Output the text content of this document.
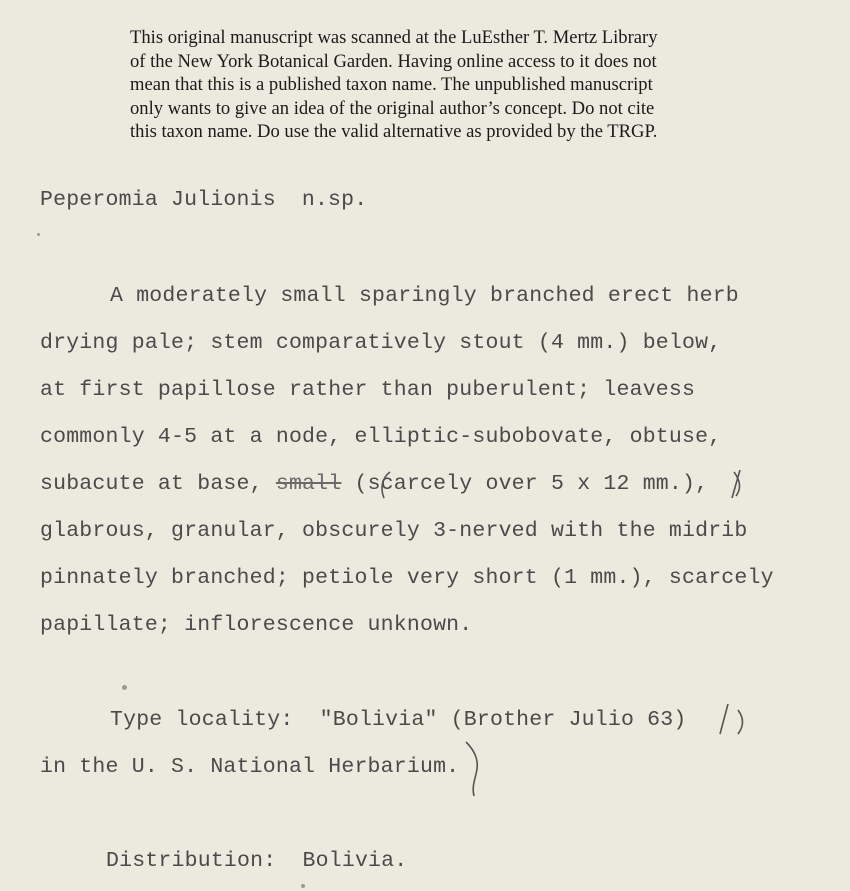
This original manuscript was scanned at the LuEsther T. Mertz Library
of the New York Botanical Garden. Having online access to it does not
mean that this is a published taxon name. The unpublished manuscript
only wants to give an idea of the original author’s concept. Do not cite
this taxon name. Do use the valid alternative as provided by the TRGP.
Peperomia Julionis n.sp.
A moderately small sparingly branched erect herb
drying pale; stem comparatively stout (4 mm.) below,
at first papillose rather than puberulent; leavess
commonly 4-5 at a node, elliptic-subobovate, obtuse,
subacute at base, small (scarcely over 5 x 12 mm.),
glabrous, granular, obscurely 3-nerved with the midrib
pinnately branched; petiole very short (1 mm.), scarcely
papillate; inflorescence unknown.
Type locality:  "Bolivia" (Brother Julio 63)
in the U. S. National Herbarium.
Distribution:  Bolivia.
